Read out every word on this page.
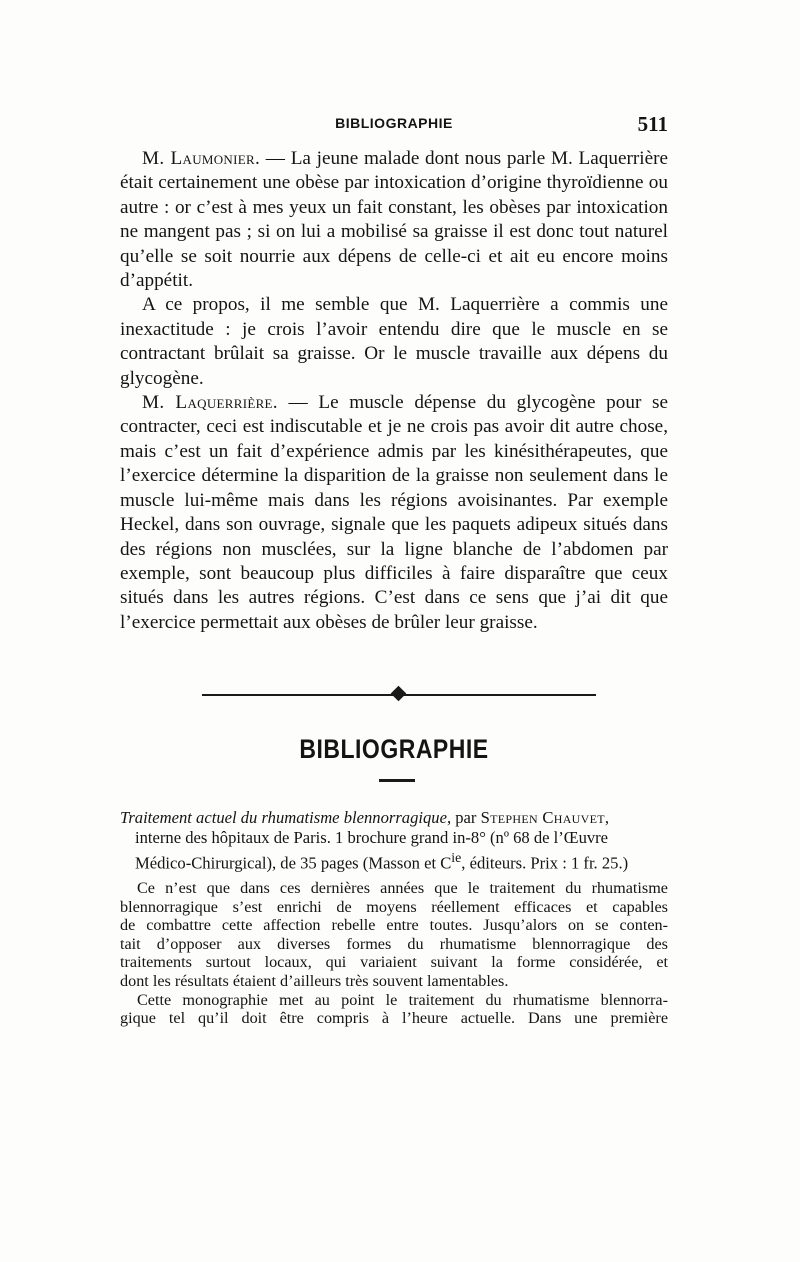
BIBLIOGRAPHIE	511

M. Laumonier. — La jeune malade dont nous parle M. Laquerrière était certainement une obèse par intoxication d’origine thyroïdienne ou autre : or c’est à mes yeux un fait constant, les obèses par intoxication ne mangent pas ; si on lui a mobilisé sa graisse il est donc tout naturel qu’elle se soit nourrie aux dépens de celle-ci et ait eu encore moins d’appétit.

A ce propos, il me semble que M. Laquerrière a commis une inexactitude : je crois l’avoir entendu dire que le muscle en se contractant brûlait sa graisse. Or le muscle travaille aux dépens du glycogène.

M. Laquerrière. — Le muscle dépense du glycogène pour se contracter, ceci est indiscutable et je ne crois pas avoir dit autre chose, mais c’est un fait d’expérience admis par les kinésithérapeutes, que l’exercice détermine la disparition de la graisse non seulement dans le muscle lui-même mais dans les régions avoisinantes. Par exemple Heckel, dans son ouvrage, signale que les paquets adipeux situés dans des régions non musclées, sur la ligne blanche de l’abdomen par exemple, sont beaucoup plus difficiles à faire disparaître que ceux situés dans les autres régions. C’est dans ce sens que j’ai dit que l’exercice permettait aux obèses de brûler leur graisse.

BIBLIOGRAPHIE
Traitement actuel du rhumatisme blennorragique, par Stephen Chauvet,
interne des hôpitaux de Paris. 1 brochure grand in-8° (nº 68 de l’Œuvre
Médico-Chirurgical), de 35 pages (Masson et $C^{ie}$, éditeurs. Prix : 1 fr. 25.)
Ce n’est que dans ces dernières années que le traitement du rhumatisme
blennorragique s’est enrichi de moyens réellement efficaces et capables
de combattre cette affection rebelle entre toutes. Jusqu’alors on se conten-
tait d’opposer aux diverses formes du rhumatisme blennorragique des
traitements surtout locaux, qui variaient suivant la forme considérée, et
dont les résultats étaient d’ailleurs très souvent lamentables.
Cette monographie met au point le traitement du rhumatisme blennorra-
gique tel qu’il doit être compris à l’heure actuelle. Dans une première
